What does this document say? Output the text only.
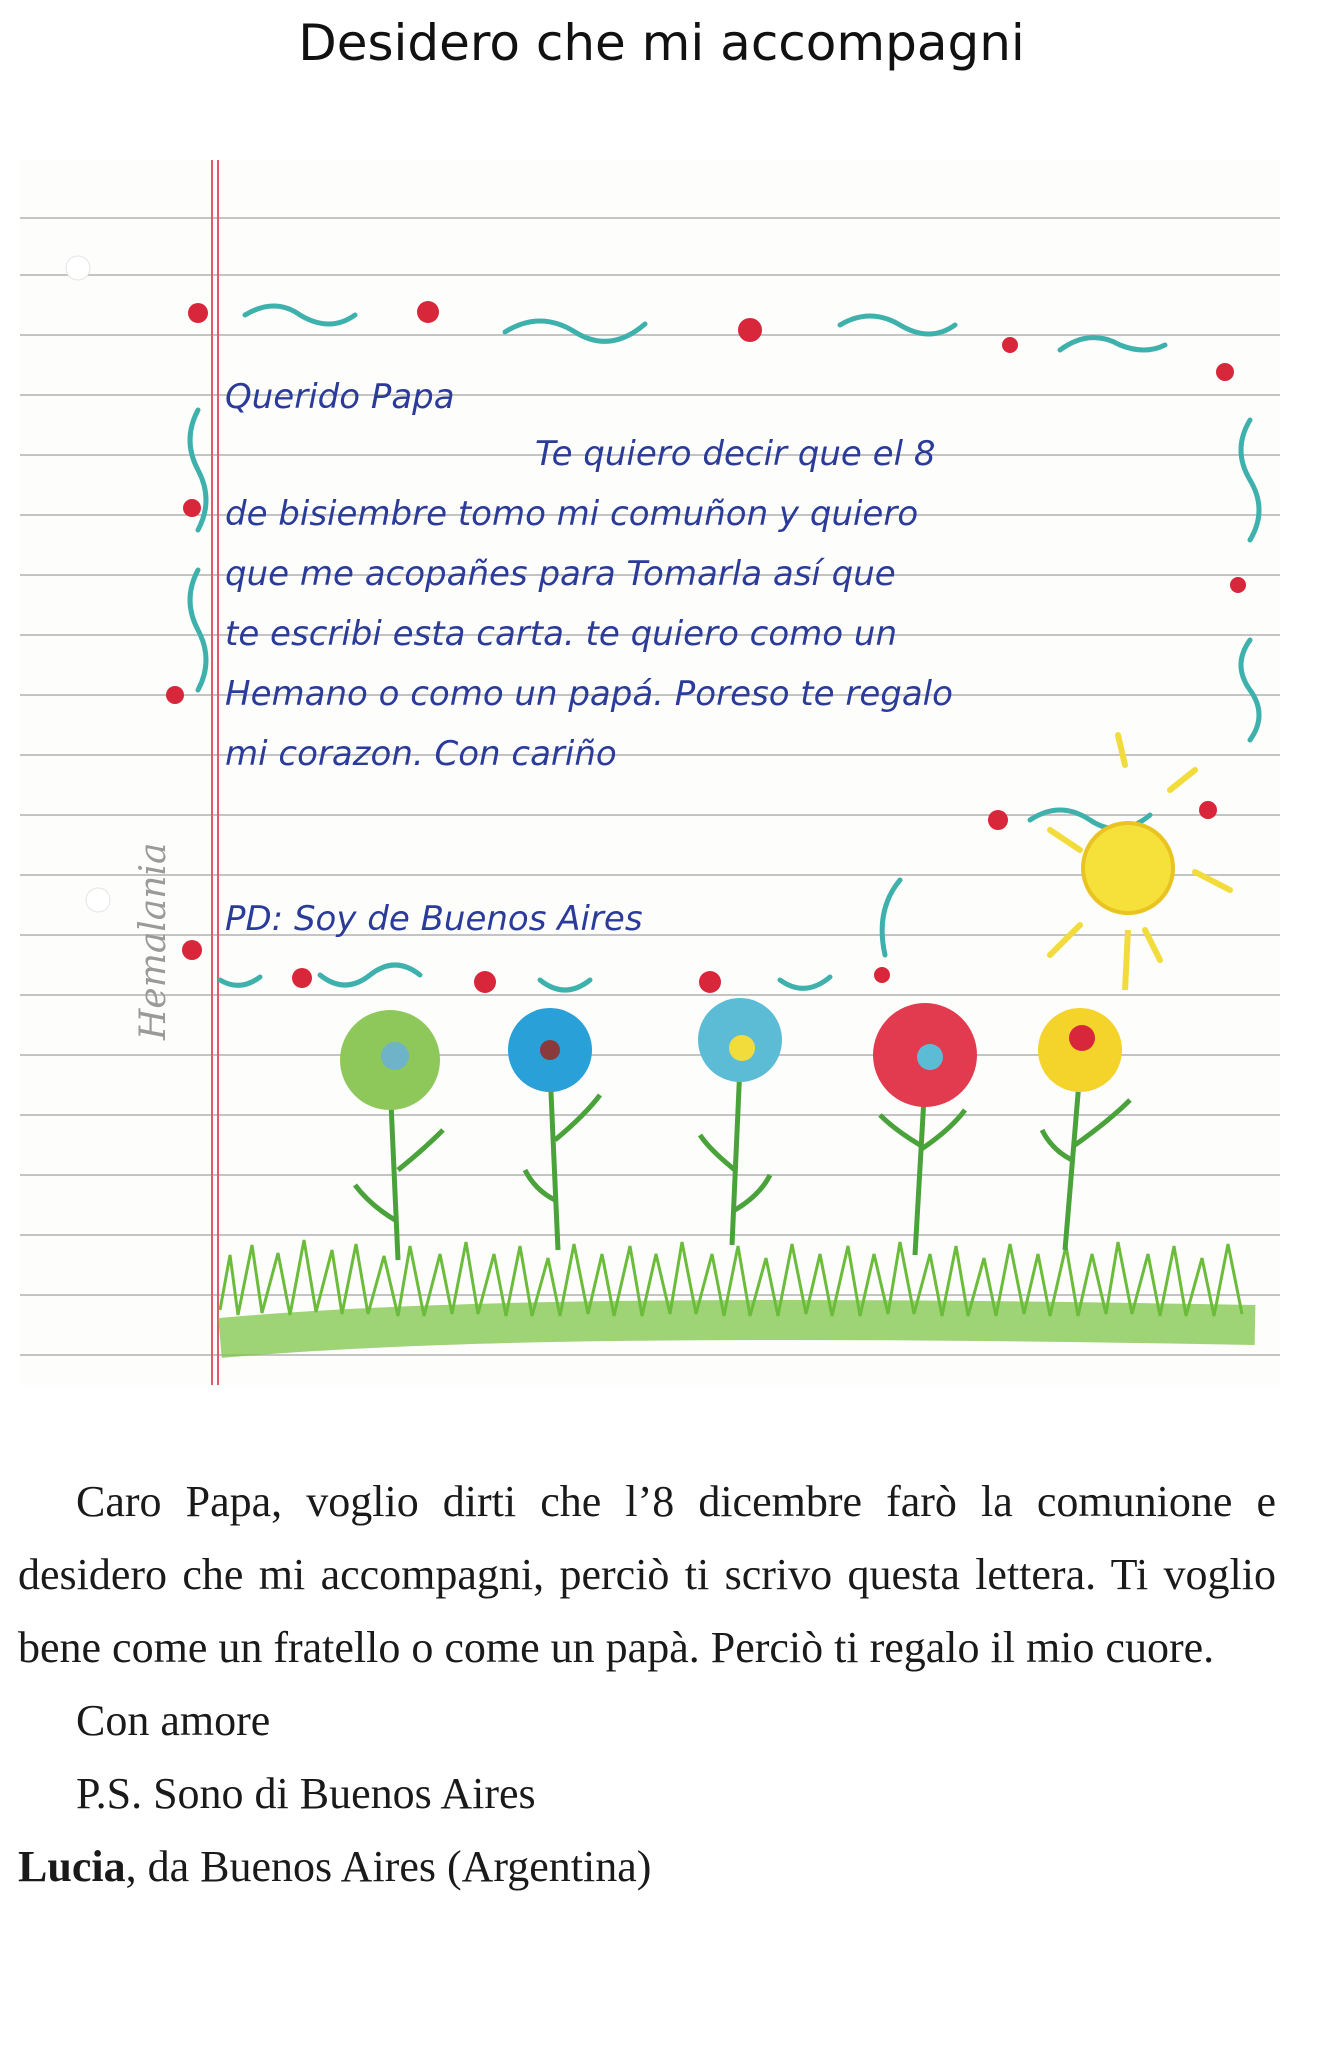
Desidero che mi accompagni
Hemalania
Querido Papa
Te quiero decir que el 8
de bisiembre tomo mi comuñon y quiero
que me acopañes para Tomarla así que
te escribi esta carta. te quiero como un
Hemano o como un papá. Poreso te regalo
mi corazon. Con cariño
PD: Soy de Buenos Aires

Caro Papa, voglio dirti che l’8 dicembre farò la comunione e desidero che mi accompagni, perciò ti scrivo questa lettera. Ti voglio bene come un fratello o come un papà. Perciò ti regalo il mio cuore.

Con amore

P.S. Sono di Buenos Aires

Lucia, da Buenos Aires (Argentina)
